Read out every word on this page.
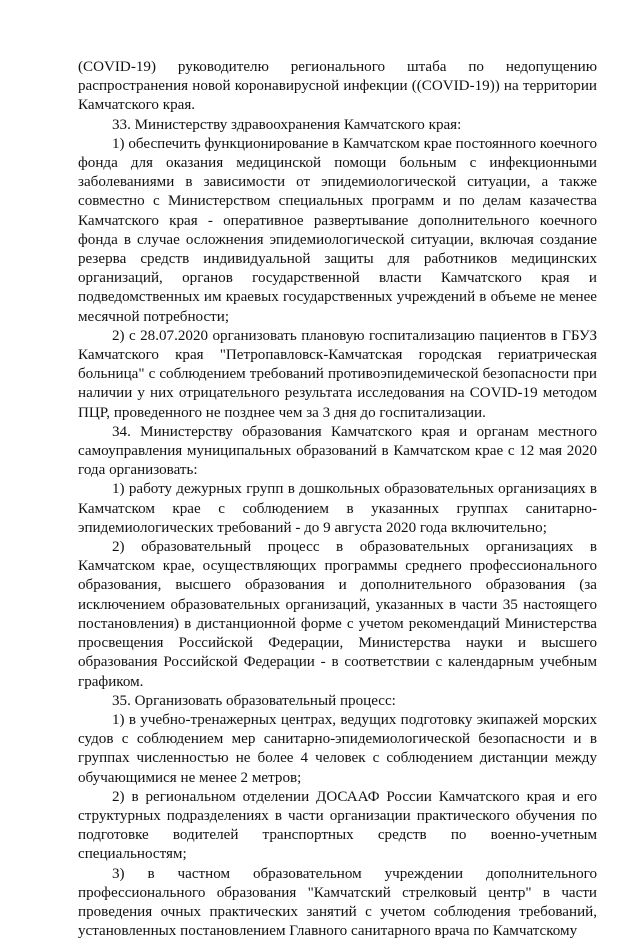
(COVID-19) руководителю регионального штаба по недопущению распространения новой коронавирусной инфекции ((COVID-19)) на территории Камчатского края.

33. Министерству здравоохранения Камчатского края:

1) обеспечить функционирование в Камчатском крае постоянного коечного фонда для оказания медицинской помощи больным с инфекционными заболеваниями в зависимости от эпидемиологической ситуации, а также совместно с Министерством специальных программ и по делам казачества Камчатского края - оперативное развертывание дополнительного коечного фонда в случае осложнения эпидемиологической ситуации, включая создание резерва средств индивидуальной защиты для работников медицинских организаций, органов государственной власти Камчатского края и подведомственных им краевых государственных учреждений в объеме не менее месячной потребности;

2) с 28.07.2020 организовать плановую госпитализацию пациентов в ГБУЗ Камчатского края "Петропавловск-Камчатская городская гериатрическая больница" с соблюдением требований противоэпидемической безопасности при наличии у них отрицательного результата исследования на COVID-19 методом ПЦР, проведенного не позднее чем за 3 дня до госпитализации.

34. Министерству образования Камчатского края и органам местного самоуправления муниципальных образований в Камчатском крае с 12 мая 2020 года организовать:

1) работу дежурных групп в дошкольных образовательных организациях в Камчатском крае с соблюдением в указанных группах санитарно-эпидемиологических требований - до 9 августа 2020 года включительно;

2) образовательный процесс в образовательных организациях в Камчатском крае, осуществляющих программы среднего профессионального образования, высшего образования и дополнительного образования (за исключением образовательных организаций, указанных в части 35 настоящего постановления) в дистанционной форме с учетом рекомендаций Министерства просвещения Российской Федерации, Министерства науки и высшего образования Российской Федерации - в соответствии с календарным учебным графиком.

35. Организовать образовательный процесс:

1) в учебно-тренажерных центрах, ведущих подготовку экипажей морских судов с соблюдением мер санитарно-эпидемиологической безопасности и в группах численностью не более 4 человек с соблюдением дистанции между обучающимися не менее 2 метров;

2) в региональном отделении ДОСААФ России Камчатского края и его структурных подразделениях в части организации практического обучения по подготовке водителей транспортных средств по военно-учетным специальностям;

3) в частном образовательном учреждении дополнительного профессионального образования "Камчатский стрелковый центр" в части проведения очных практических занятий с учетом соблюдения требований, установленных постановлением Главного санитарного врача по Камчатскому
